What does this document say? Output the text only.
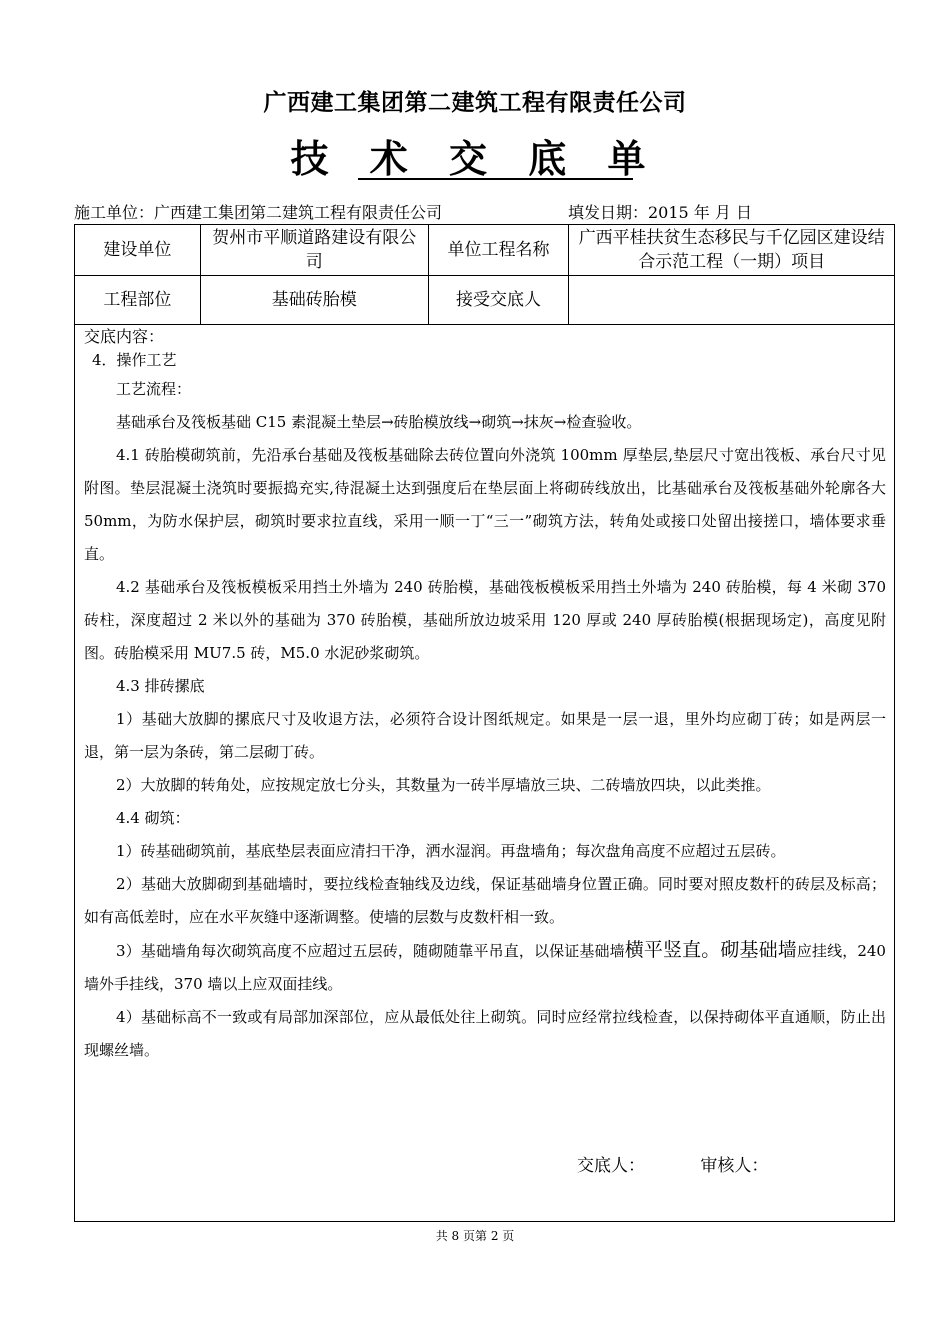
广西建工集团第二建筑工程有限责任公司
技 术 交 底 单
施工单位：广西建工集团第二建筑工程有限责任公司	填发日期：2015 年 月 日
建设单位	贺州市平顺道路建设有限公司	单位工程名称	广西平桂扶贫生态移民与千亿园区建设结合示范工程（一期）项目
工程部位	基础砖胎模	接受交底人	

交底内容：

4．操作工艺

工艺流程：

基础承台及筏板基础 C15 素混凝土垫层→砖胎模放线→砌筑→抹灰→检查验收。

4.1 砖胎模砌筑前，先沿承台基础及筏板基础除去砖位置向外浇筑 100mm 厚垫层,垫层尺寸宽出筏板、承台尺寸见附图。垫层混凝土浇筑时要振捣充实,待混凝土达到强度后在垫层面上将砌砖线放出，比基础承台及筏板基础外轮廓各大 50mm，为防水保护层，砌筑时要求拉直线，采用一顺一丁“三一”砌筑方法，转角处或接口处留出接搓口，墙体要求垂直。

4.2 基础承台及筏板模板采用挡土外墙为 240 砖胎模，基础筏板模板采用挡土外墙为 240 砖胎模，每 4 米砌 370 砖柱，深度超过 2 米以外的基础为 370 砖胎模，基础所放边坡采用 120 厚或 240 厚砖胎模(根据现场定)，高度见附图。砖胎模采用 MU7.5 砖，M5.0 水泥砂浆砌筑。

4.3 排砖摞底

1）基础大放脚的摞底尺寸及收退方法，必须符合设计图纸规定。如果是一层一退，里外均应砌丁砖；如是两层一退，第一层为条砖，第二层砌丁砖。

2）大放脚的转角处，应按规定放七分头，其数量为一砖半厚墙放三块、二砖墙放四块，以此类推。

4.4 砌筑：

1）砖基础砌筑前，基底垫层表面应清扫干净，洒水湿润。再盘墙角；每次盘角高度不应超过五层砖。

2）基础大放脚砌到基础墙时，要拉线检查轴线及边线，保证基础墙身位置正确。同时要对照皮数杆的砖层及标高；如有高低差时，应在水平灰缝中逐渐调整。使墙的层数与皮数杆相一致。

3）基础墙角每次砌筑高度不应超过五层砖，随砌随靠平吊直，以保证基础墙横平竖直。砌基础墙应挂线，240 墙外手挂线，370 墙以上应双面挂线。

4）基础标高不一致或有局部加深部位，应从最低处往上砌筑。同时应经常拉线检查，以保持砌体平直通顺，防止出现螺丝墙。

交底人：	审核人：
共 8 页第 2 页
